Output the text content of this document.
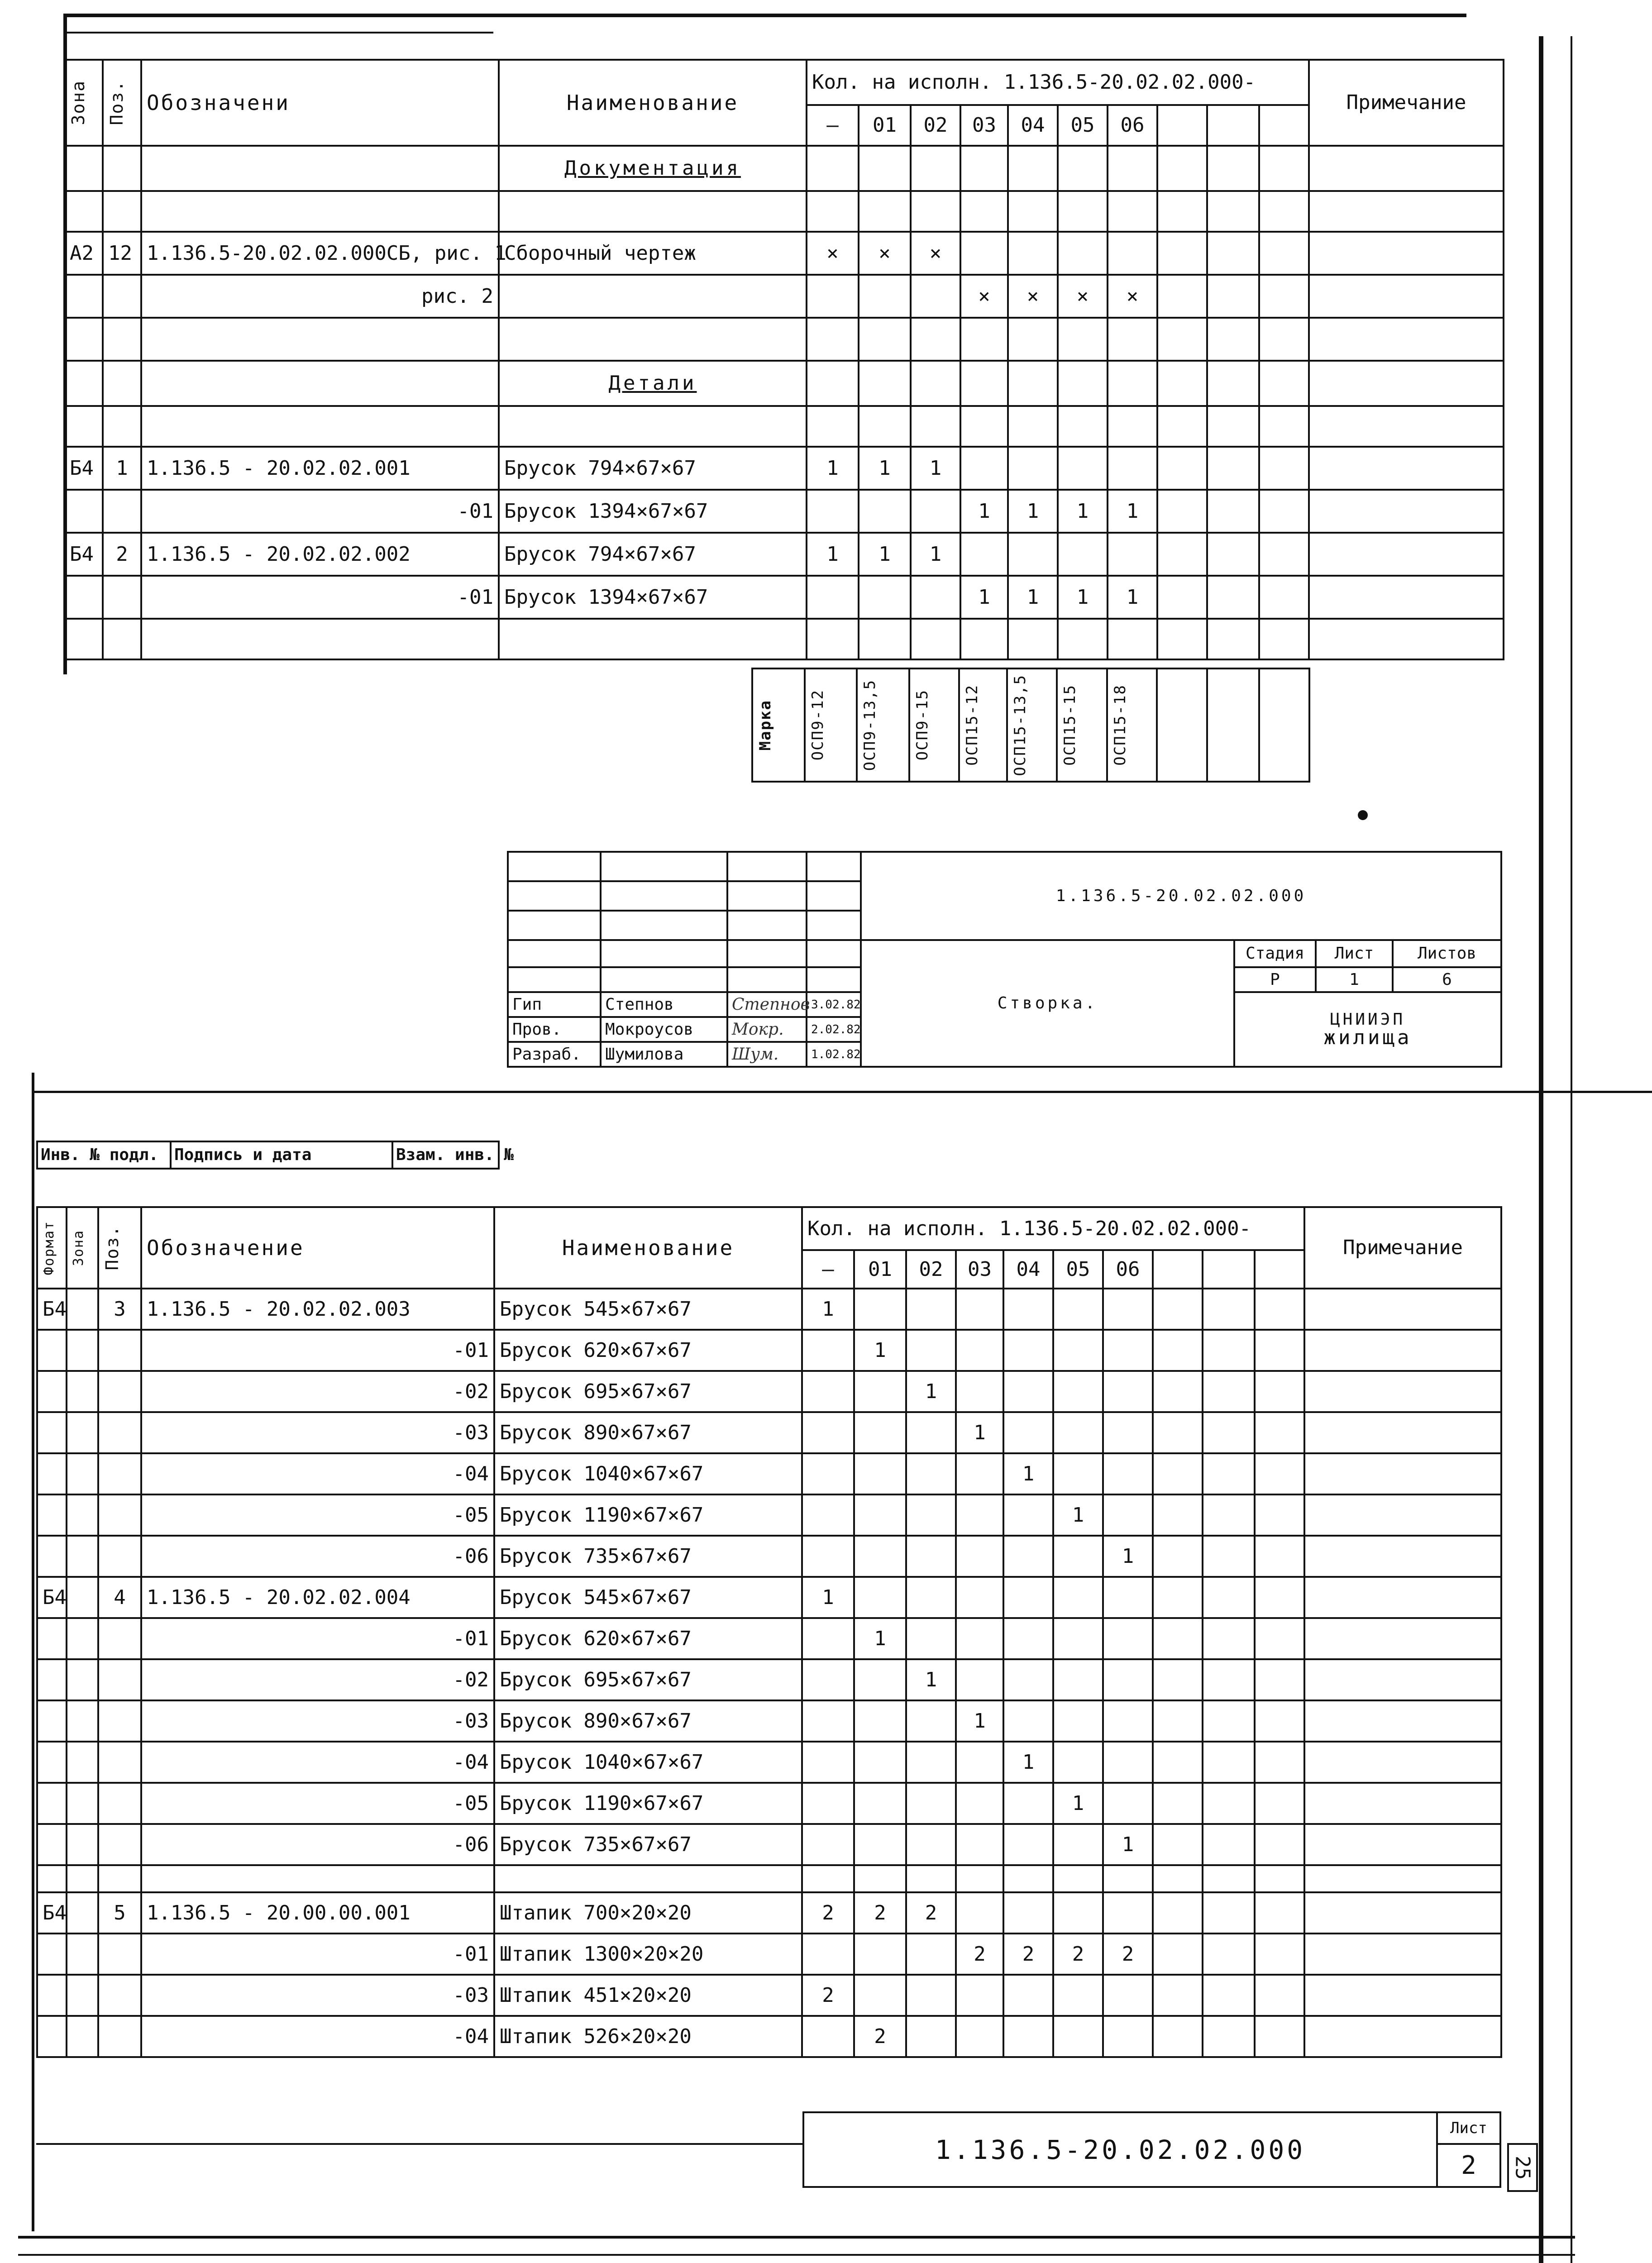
Зона	Поз.	Обозначени	Наименование	Кол. на исполн. 1.136.5-20.02.02.000-										Примечание
				—	01	02	03	04	05	06				
			Документация											

А2	12	1.136.5-20.02.02.000СБ, рис. 1	Сборочный чертеж	×	×	×								
		рис. 2					×	×	×	×				

			Детали											

Б4	1	1.136.5 - 20.02.02.001	Брусок 794×67×67	1	1	1								
		-01	Брусок 1394×67×67				1	1	1	1				
Б4	2	1.136.5 - 20.02.02.002	Брусок 794×67×67	1	1	1								
		-01	Брусок 1394×67×67				1	1	1	1				

Марка	ОСП9-12	ОСП9-13,5	ОСП9-15	ОСП15-12	ОСП15-13,5	ОСП15-15	ОСП15-18

				1.136.5-20.02.02.000			

				Створка.	Стадия	Лист	Листов
					Р	1	6
Гип	Степнов	Степнов	3.02.82		ЦНИИЭП
жилища		

Пров.	Мокроусов	Мокр.	2.02.82				
Разраб.	Шумилова	Шум.	1.02.82				
Инв. № подл.	Подпись и дата	Взам. инв. №
Формат	Зона	Поз.	Обозначение	Наименование	Кол. на исполн. 1.136.5-20.02.02.000-										Примечание
					—	01	02	03	04	05	06				
Б4		3	1.136.5 - 20.02.02.003	Брусок 545×67×67	1										
			-01	Брусок 620×67×67		1									
			-02	Брусок 695×67×67			1								
			-03	Брусок 890×67×67				1							
			-04	Брусок 1040×67×67					1						
			-05	Брусок 1190×67×67						1					
			-06	Брусок 735×67×67							1				
Б4		4	1.136.5 - 20.02.02.004	Брусок 545×67×67	1										
			-01	Брусок 620×67×67		1									
			-02	Брусок 695×67×67			1								
			-03	Брусок 890×67×67				1							
			-04	Брусок 1040×67×67					1						
			-05	Брусок 1190×67×67						1					
			-06	Брусок 735×67×67							1				

Б4		5	1.136.5 - 20.00.00.001	Штапик 700×20×20	2	2	2								
			-01	Штапик 1300×20×20				2	2	2	2				
			-03	Штапик 451×20×20	2										
			-04	Штапик 526×20×20		2									
	1.136.5-20.02.02.000	Лист
		2 25
